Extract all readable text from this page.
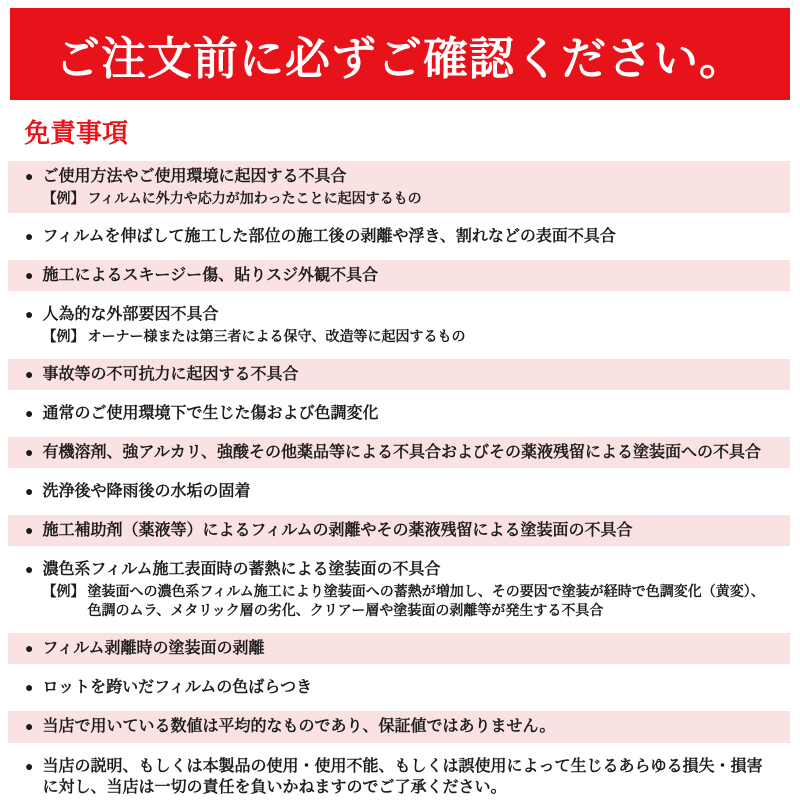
ご注文前に必ずご確認ください。
免責事項
● ご使用方法やご使用環境に起因する不具合
【例】 フィルムに外力や応力が加わったことに起因するもの
● フィルムを伸ばして施工した部位の施工後の剥離や浮き、割れなどの表面不具合
● 施工によるスキージー傷、貼りスジ外観不具合
● 人為的な外部要因不具合
【例】 オーナー様または第三者による保守、改造等に起因するもの
● 事故等の不可抗力に起因する不具合
● 通常のご使用環境下で生じた傷および色調変化
● 有機溶剤、強アルカリ、強酸その他薬品等による不具合およびその薬液残留による塗装面への不具合
● 洗浄後や降雨後の水垢の固着
● 施工補助剤（薬液等）によるフィルムの剥離やその薬液残留による塗装面の不具合
● 濃色系フィルム施工表面時の蓄熱による塗装面の不具合
【例】 塗装面への濃色系フィルム施工により塗装面への蓄熱が増加し、その要因で塗装が経時で色調変化（黄変）、色調のムラ、メタリック層の劣化、クリアー層や塗装面の剥離等が発生する不具合
● フィルム剥離時の塗装面の剥離
● ロットを跨いだフィルムの色ばらつき
● 当店で用いている数値は平均的なものであり、保証値ではありません。
● 当店の説明、もしくは本製品の使用・使用不能、もしくは誤使用によって生じるあらゆる損失・損害に対し、当店は一切の責任を負いかねますのでご了承ください。
